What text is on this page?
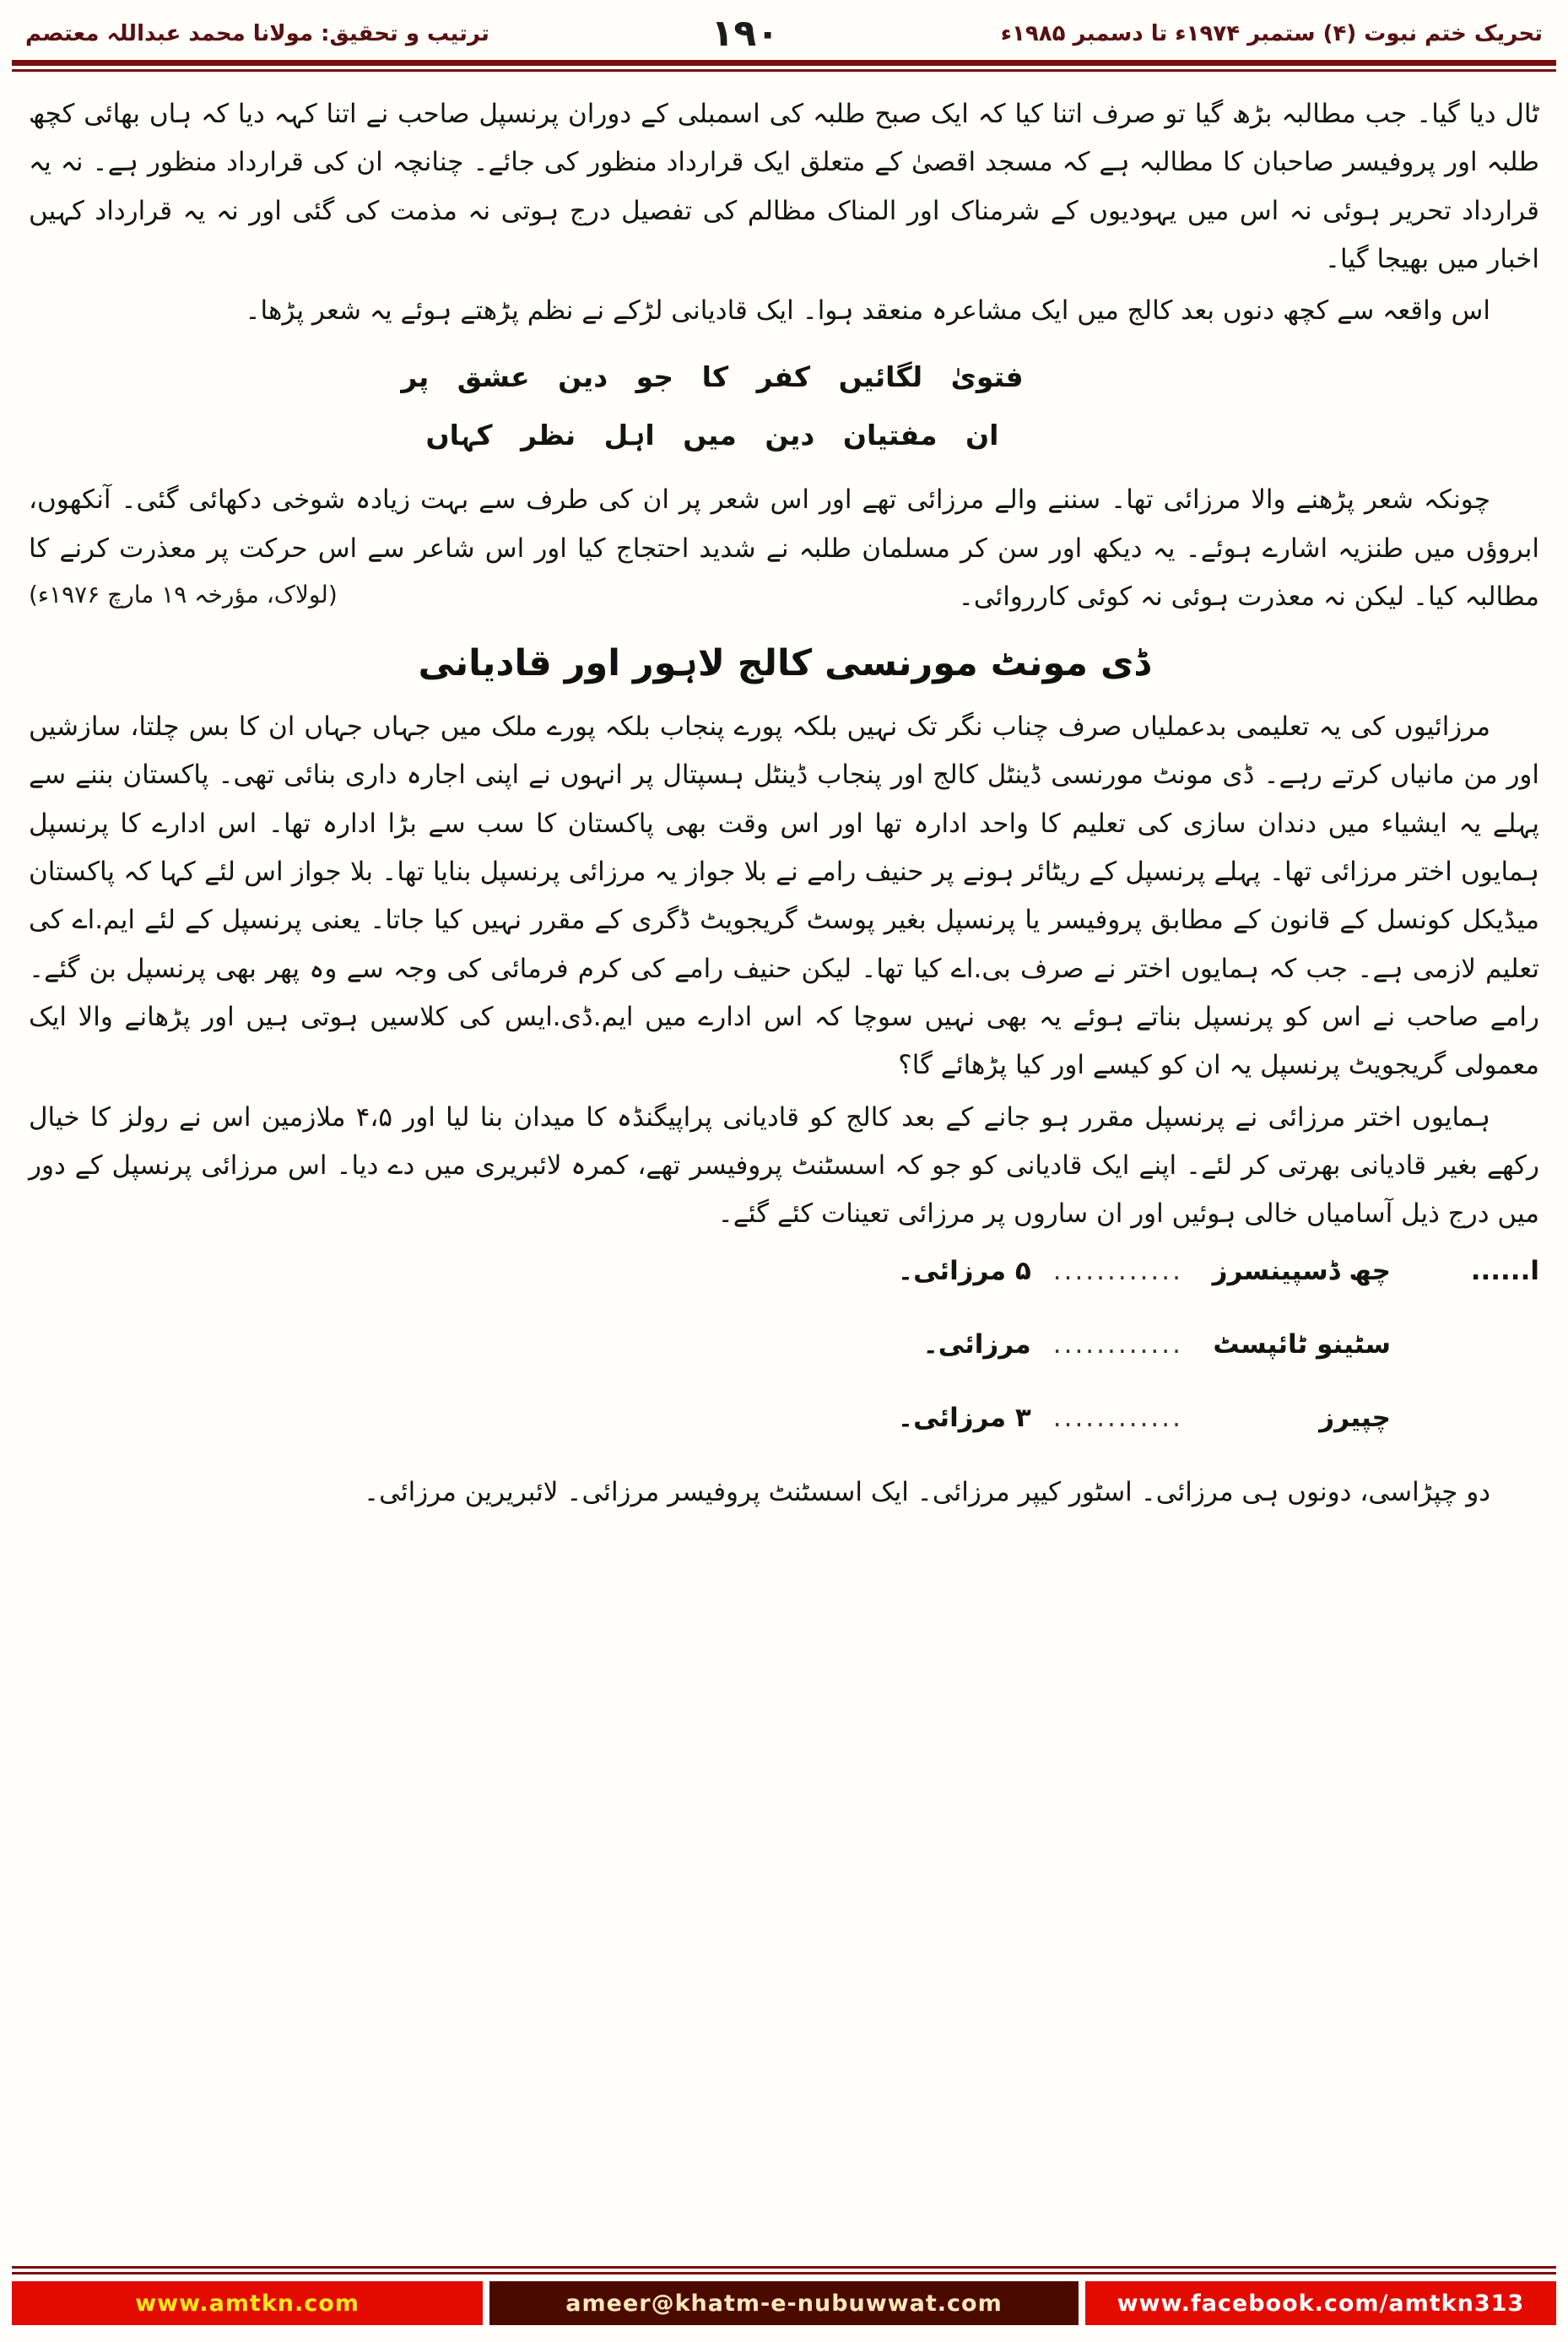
تحریک ختم نبوت (۴) ستمبر ۱۹۷۴ء تا دسمبر ۱۹۸۵ء
۱۹۰
ترتیب و تحقیق: مولانا محمد عبداللہ معتصم

ٹال دیا گیا۔ جب مطالبہ بڑھ گیا تو صرف اتنا کیا کہ ایک صبح طلبہ کی اسمبلی کے دوران پرنسپل صاحب نے اتنا کہہ دیا کہ ہاں بھائی کچھ طلبہ اور پروفیسر صاحبان کا مطالبہ ہے کہ مسجد اقصیٰ کے متعلق ایک قرارداد منظور کی جائے۔ چنانچہ ان کی قرارداد منظور ہے۔ نہ یہ قرارداد تحریر ہوئی نہ اس میں یہودیوں کے شرمناک اور المناک مظالم کی تفصیل درج ہوتی نہ مذمت کی گئی اور نہ یہ قرارداد کہیں اخبار میں بھیجا گیا۔

اس واقعہ سے کچھ دنوں بعد کالج میں ایک مشاعرہ منعقد ہوا۔ ایک قادیانی لڑکے نے نظم پڑھتے ہوئے یہ شعر پڑھا۔

فتویٰ لگائیں کفر کا جو دین عشق پر
ان مفتیان دین میں اہل نظر کہاں

چونکہ شعر پڑھنے والا مرزائی تھا۔ سننے والے مرزائی تھے اور اس شعر پر ان کی طرف سے بہت زیادہ شوخی دکھائی گئی۔ آنکھوں، ابروؤں میں طنزیہ اشارے ہوئے۔ یہ دیکھ اور سن کر مسلمان طلبہ نے شدید احتجاج کیا اور اس شاعر سے اس حرکت پر معذرت کرنے کا مطالبہ کیا۔ لیکن نہ معذرت ہوئی نہ کوئی کارروائی۔
(لولاک، مؤرخہ ۱۹ مارچ ۱۹۷۶ء)

ڈی مونٹ مورنسی کالج لاہور اور قادیانی

مرزائیوں کی یہ تعلیمی بدعملیاں صرف چناب نگر تک نہیں بلکہ پورے پنجاب بلکہ پورے ملک میں جہاں جہاں ان کا بس چلتا، سازشیں اور من مانیاں کرتے رہے۔ ڈی مونٹ مورنسی ڈینٹل کالج اور پنجاب ڈینٹل ہسپتال پر انہوں نے اپنی اجارہ داری بنائی تھی۔ پاکستان بننے سے پہلے یہ ایشیاء میں دندان سازی کی تعلیم کا واحد ادارہ تھا اور اس وقت بھی پاکستان کا سب سے بڑا ادارہ تھا۔ اس ادارے کا پرنسپل ہمایوں اختر مرزائی تھا۔ پہلے پرنسپل کے ریٹائر ہونے پر حنیف رامے نے بلا جواز یہ مرزائی پرنسپل بنایا تھا۔ بلا جواز اس لئے کہا کہ پاکستان میڈیکل کونسل کے قانون کے مطابق پروفیسر یا پرنسپل بغیر پوسٹ گریجویٹ ڈگری کے مقرر نہیں کیا جاتا۔ یعنی پرنسپل کے لئے ایم.اے کی تعلیم لازمی ہے۔ جب کہ ہمایوں اختر نے صرف بی.اے کیا تھا۔ لیکن حنیف رامے کی کرم فرمائی کی وجہ سے وہ پھر بھی پرنسپل بن گئے۔ رامے صاحب نے اس کو پرنسپل بناتے ہوئے یہ بھی نہیں سوچا کہ اس ادارے میں ایم.ڈی.ایس کی کلاسیں ہوتی ہیں اور پڑھانے والا ایک معمولی گریجویٹ پرنسپل یہ ان کو کیسے اور کیا پڑھائے گا؟

ہمایوں اختر مرزائی نے پرنسپل مقرر ہو جانے کے بعد کالج کو قادیانی پراپیگنڈہ کا میدان بنا لیا اور ۴،۵ ملازمین اس نے رولز کا خیال رکھے بغیر قادیانی بھرتی کر لئے۔ اپنے ایک قادیانی کو جو کہ اسسٹنٹ پروفیسر تھے، کمرہ لائبریری میں دے دیا۔ اس مرزائی پرنسپل کے دور میں درج ذیل آسامیاں خالی ہوئیں اور ان ساروں پر مرزائی تعینات کئے گئے۔

ا......
چھ ڈسپینسرز
............
۵ مرزائی۔
سٹینو ٹائپسٹ
............
مرزائی۔
چپیرز
............
۳ مرزائی۔

دو چپڑاسی، دونوں ہی مرزائی۔ اسٹور کیپر مرزائی۔ ایک اسسٹنٹ پروفیسر مرزائی۔ لائبریرین مرزائی۔

www.amtkn.com	ameer@khatm-e-nubuwwat.com	www.facebook.com/amtkn313
